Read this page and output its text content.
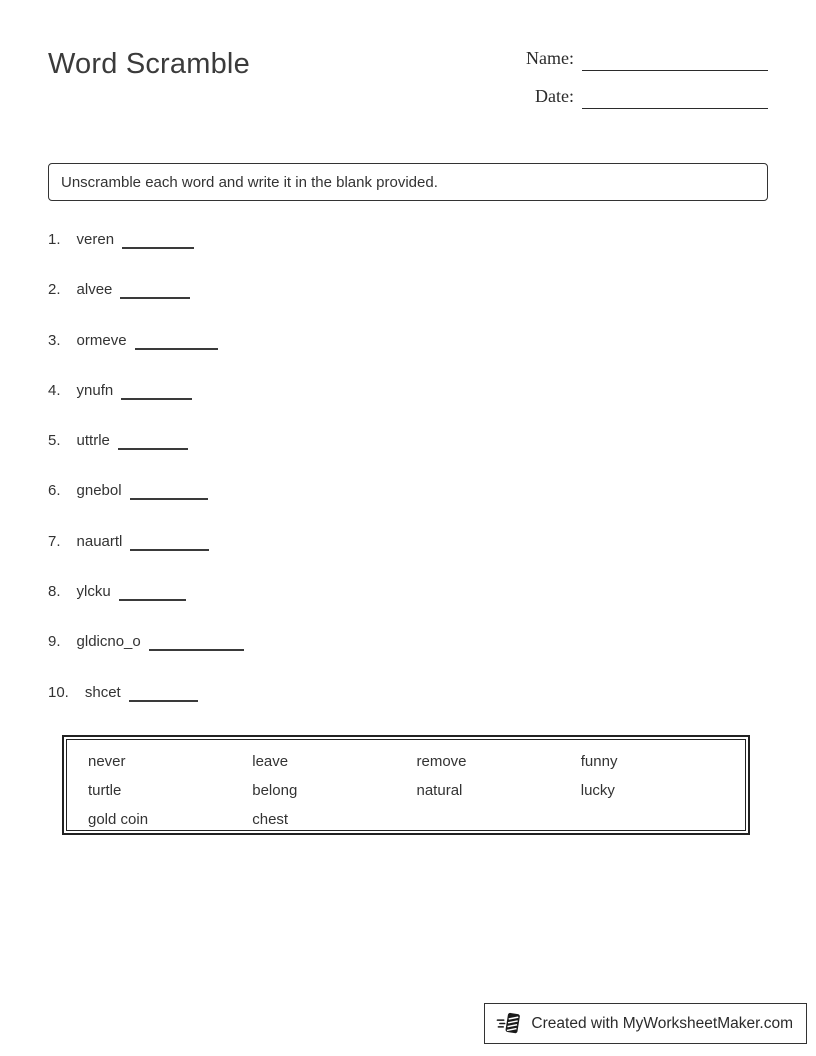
Word Scramble	Name:
Date:
Unscramble each word and write it in the blank provided.
1. veren
2. alvee
3. ormeve
4. ynufn
5. uttrle
6. gnebol
7. nauartl
8. ylcku
9. gldicno_o
10. shcet
never	leave	remove	funny
turtle	belong	natural	lucky
gold coin	chest
Created with MyWorksheetMaker.com
